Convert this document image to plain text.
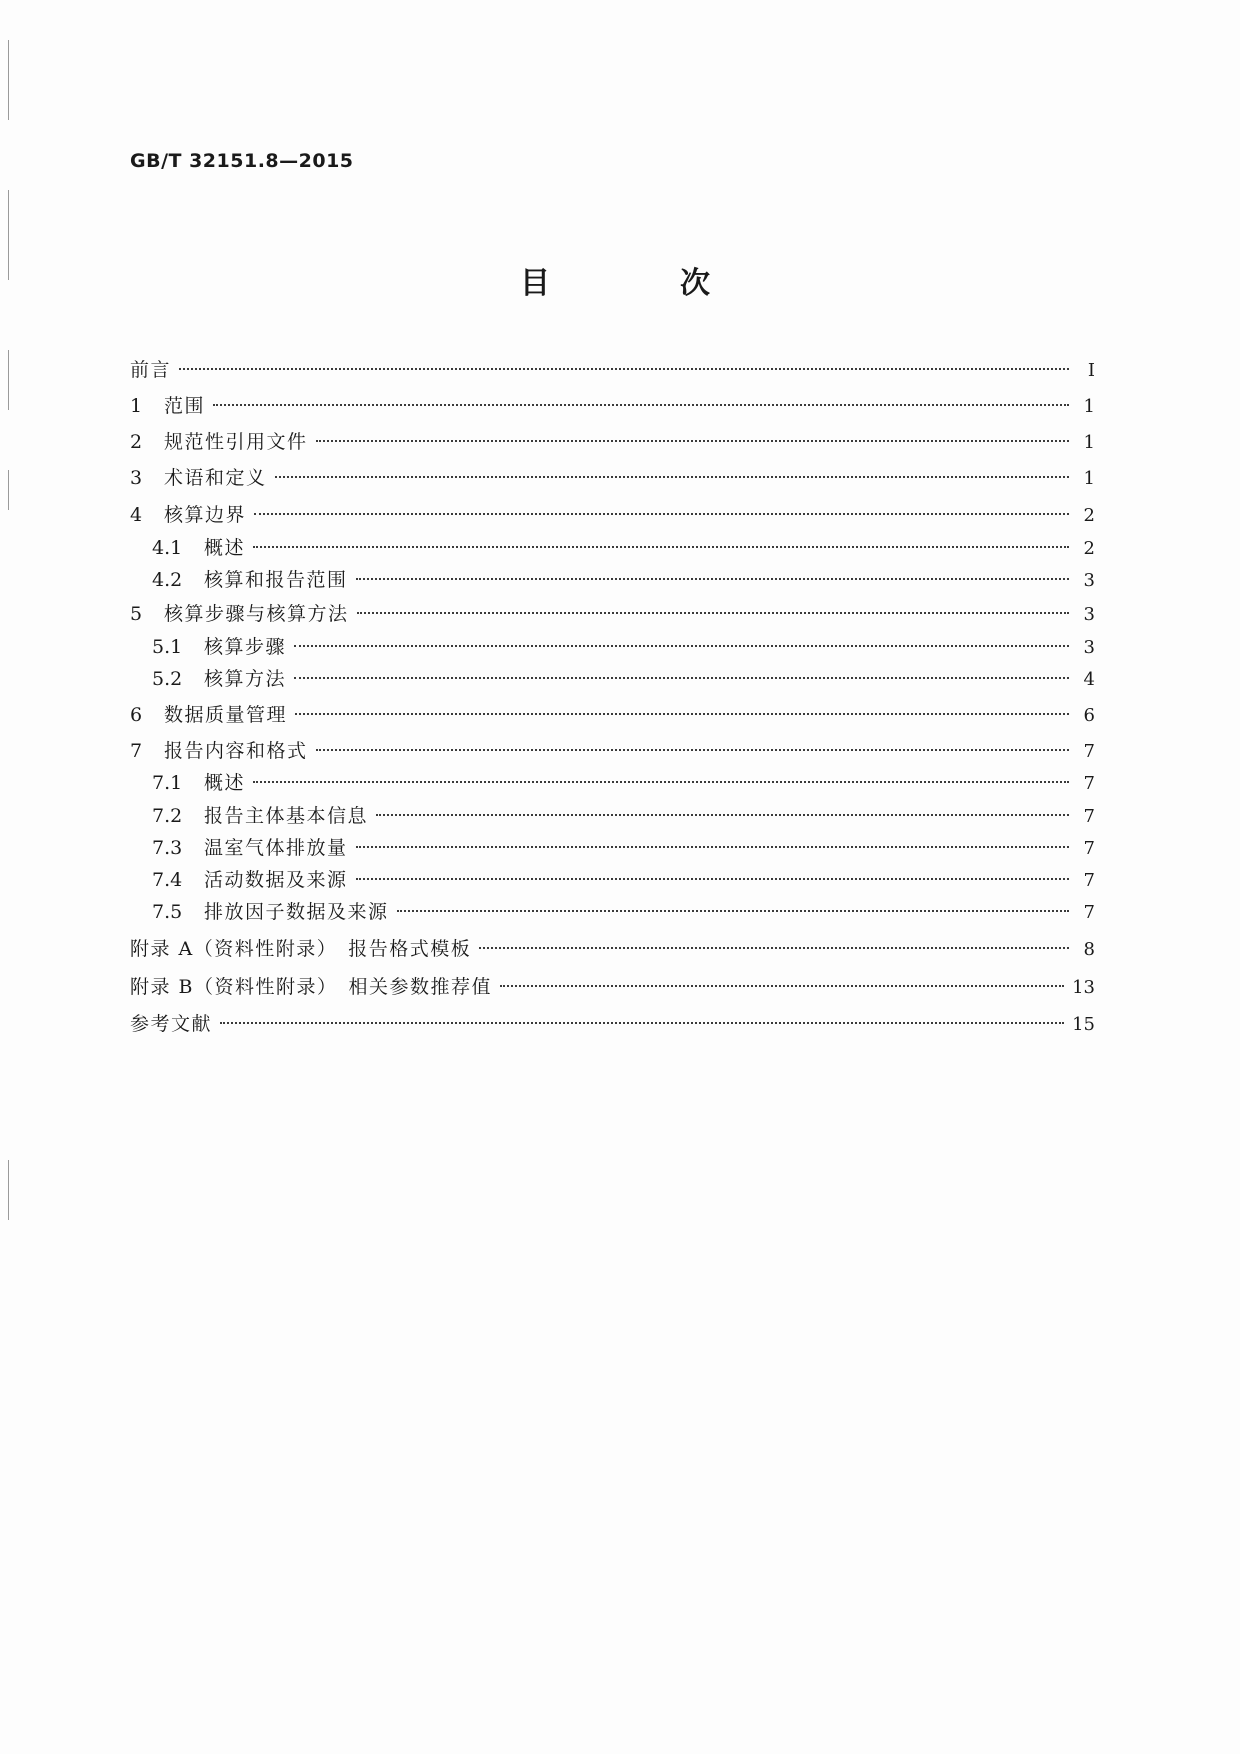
GB/T 32151.8—2015
目　次
前言	Ⅰ
1	范围	1
2	规范性引用文件	1
3	术语和定义	1
4	核算边界	2
4.1	概述	2
4.2	核算和报告范围	3
5	核算步骤与核算方法	3
5.1	核算步骤	3
5.2	核算方法	4
6	数据质量管理	6
7	报告内容和格式	7
7.1	概述	7
7.2	报告主体基本信息	7
7.3	温室气体排放量	7
7.4	活动数据及来源	7
7.5	排放因子数据及来源	7
附录 A（资料性附录）　报告格式模板	8
附录 B（资料性附录）　相关参数推荐值	13
参考文献	15
